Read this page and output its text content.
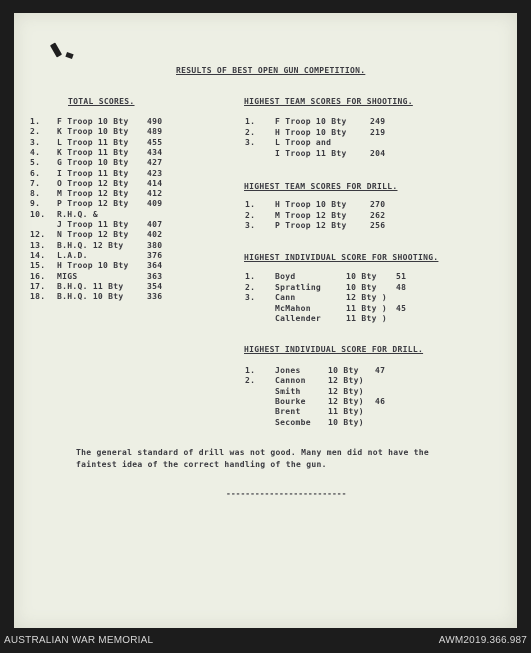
RESULTS OF BEST OPEN GUN COMPETITION.
TOTAL SCORES.
1. F Troop 10 Bty 490
2. K Troop 10 Bty 489
3. L Troop 11 Bty 455
4. K Troop 11 Bty 434
5. G Troop 10 Bty 427
6. I Troop 11 Bty 423
7. O Troop 12 Bty 414
8. M Troop 12 Bty 412
9. P Troop 12 Bty 409
10. R.H.Q. &
J Troop 11 Bty 407
12. N Troop 12 Bty 402
13. B.H.Q. 12 Bty	380
14. L.A.D.	376
15. H Troop 10 Bty 364
16. MIGS	363
17. B.H.Q. 11 Bty	354
18. B.H.Q. 10 Bty	336
HIGHEST TEAM SCORES FOR SHOOTING.
1. F Troop 10 Bty	249
2. H Troop 10 Bty	219
3. L Troop and
I Troop 11 Bty	204
HIGHEST TEAM SCORES FOR DRILL.
1. H Troop 10 Bty	270
2. M Troop 12 Bty	262
3. P Troop 12 Bty	256
HIGHEST INDIVIDUAL SCORE FOR SHOOTING.
1. Boyd	10 Bty 51
2. Spratling	10 Bty 48
3. Cann	12 Bty )
McMahon	11 Bty ) 45
Callender	11 Bty )
HIGHEST INDIVIDUAL SCORE FOR DRILL.
1. Jones	10 Bty 47
2. Cannon	12 Bty)
Smith	12 Bty)
Bourke	12 Bty) 46
Brent	11 Bty)
Secombe 10 Bty)
The general standard of drill was not good. Many men did not have the
faintest idea of the correct handling of the gun.
-------------------------
AUSTRALIAN WAR MEMORIAL	AWM2019.366.987
